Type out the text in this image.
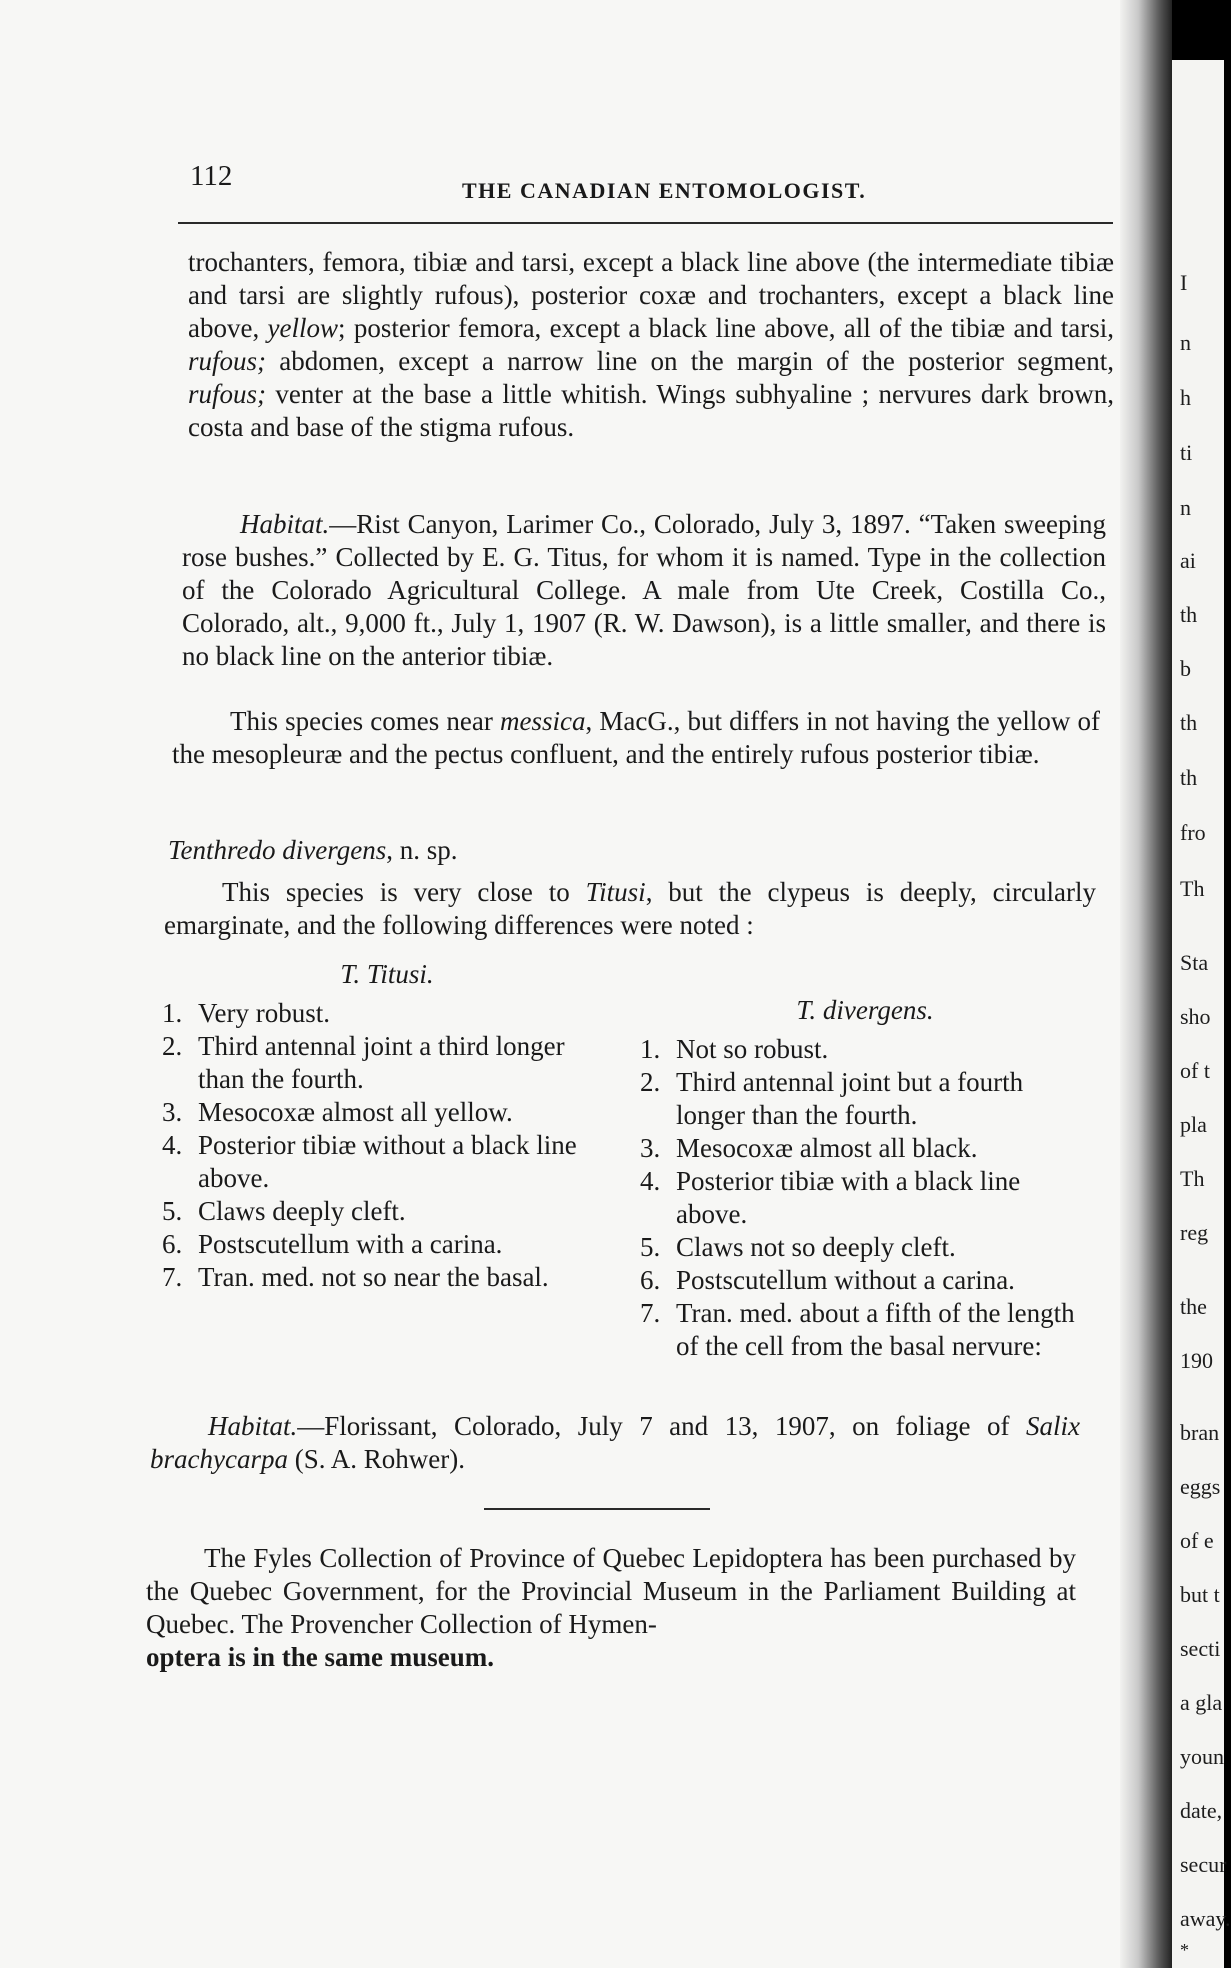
112	THE CANADIAN ENTOMOLOGIST.

trochanters, femora, tibiæ and tarsi, except a black line above (the intermediate tibiæ and tarsi are slightly rufous), posterior coxæ and trochanters, except a black line above, yellow; posterior femora, except a black line above, all of the tibiæ and tarsi, rufous; abdomen, except a narrow line on the margin of the posterior segment, rufous; venter at the base a little whitish. Wings subhyaline ; nervures dark brown, costa and base of the stigma rufous.

Habitat.—Rist Canyon, Larimer Co., Colorado, July 3, 1897. “Taken sweeping rose bushes.” Collected by E. G. Titus, for whom it is named. Type in the collection of the Colorado Agricultural College. A male from Ute Creek, Costilla Co., Colorado, alt., 9,000 ft., July 1, 1907 (R. W. Dawson), is a little smaller, and there is no black line on the anterior tibiæ.

This species comes near messica, MacG., but differs in not having the yellow of the mesopleuræ and the pectus confluent, and the entirely rufous posterior tibiæ.

Tenthredo divergens, n. sp.

This species is very close to Titusi, but the clypeus is deeply, circularly emarginate, and the following differences were noted :

T. Titusi.
1. Very robust.
2. Third antennal joint a third longer than the fourth.
3. Mesocoxæ almost all yellow.
4. Posterior tibiæ without a black line above.
5. Claws deeply cleft.
6. Postscutellum with a carina.
7. Tran. med. not so near the basal.
T. divergens.
1. Not so robust.
2. Third antennal joint but a fourth longer than the fourth.
3. Mesocoxæ almost all black.
4. Posterior tibiæ with a black line above.
5. Claws not so deeply cleft.
6. Postscutellum without a carina.
7. Tran. med. about a fifth of the length of the cell from the basal nervure:

Habitat.—Florissant, Colorado, July 7 and 13, 1907, on foliage of Salix brachycarpa (S. A. Rohwer).

The Fyles Collection of Province of Quebec Lepidoptera has been purchased by the Quebec Government, for the Provincial Museum in the Parliament Building at Quebec. The Provencher Collection of Hymen-
optera is in the same museum.

I
n
h
ti
n
ai
th
b
th
th
fro
Th
Sta
sho
of t
pla
Th
reg
the
190
bran
eggs
of e
but t
secti
a gla
youn
date,
secur
away.
*
